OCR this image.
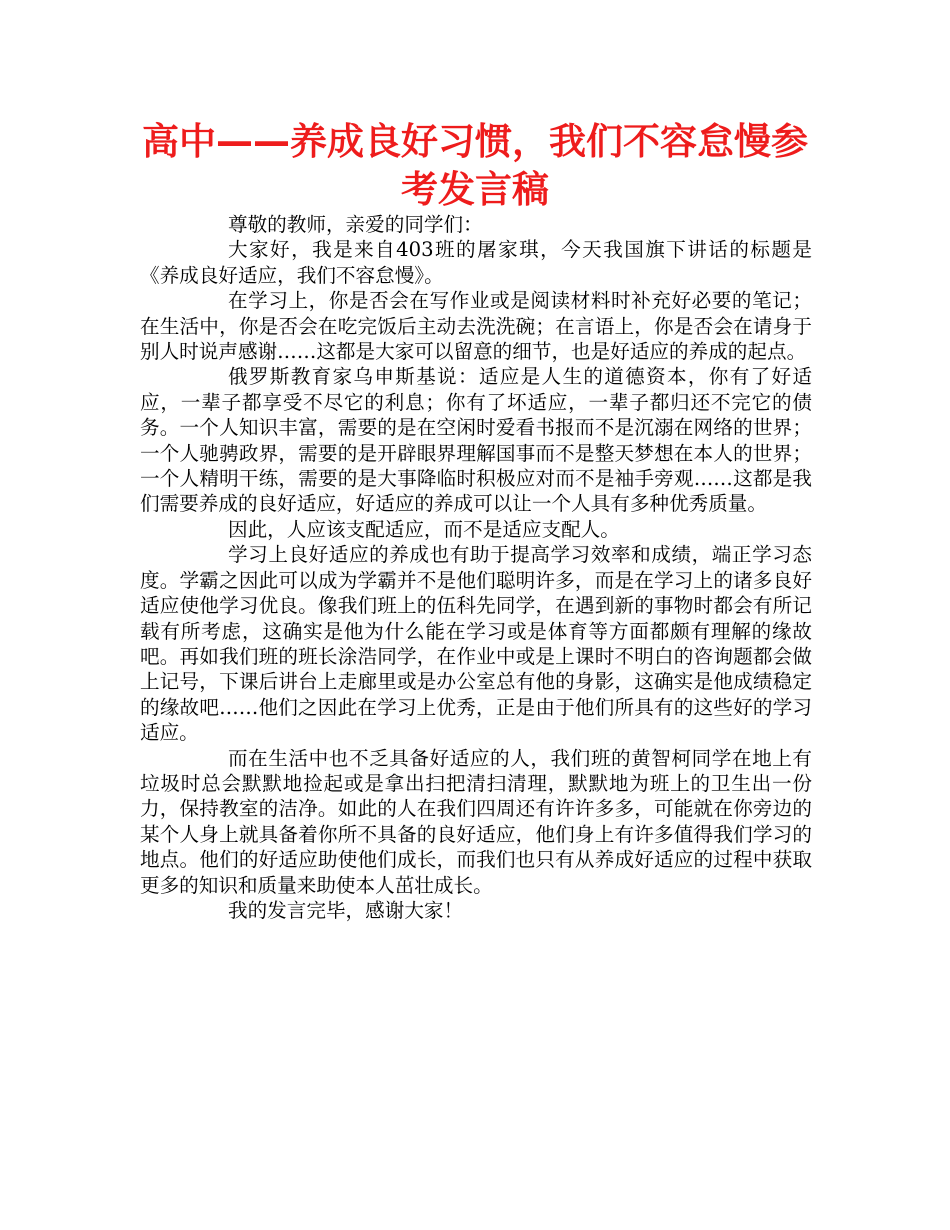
高中——养成良好习惯，我们不容怠慢参考发言稿

尊敬的教师，亲爱的同学们：

大家好，我是来自403班的屠家琪，今天我国旗下讲话的标题是《养成良好适应，我们不容怠慢》。

在学习上，你是否会在写作业或是阅读材料时补充好必要的笔记；在生活中，你是否会在吃完饭后主动去洗洗碗；在言语上，你是否会在请身于别人时说声感谢……这都是大家可以留意的细节，也是好适应的养成的起点。

俄罗斯教育家乌申斯基说：适应是人生的道德资本，你有了好适应，一辈子都享受不尽它的利息；你有了坏适应，一辈子都归还不完它的债务。一个人知识丰富，需要的是在空闲时爱看书报而不是沉溺在网络的世界；一个人驰骋政界，需要的是开辟眼界理解国事而不是整天梦想在本人的世界；一个人精明干练，需要的是大事降临时积极应对而不是袖手旁观……这都是我们需要养成的良好适应，好适应的养成可以让一个人具有多种优秀质量。

因此，人应该支配适应，而不是适应支配人。

学习上良好适应的养成也有助于提高学习效率和成绩，端正学习态度。学霸之因此可以成为学霸并不是他们聪明许多，而是在学习上的诸多良好适应使他学习优良。像我们班上的伍科先同学，在遇到新的事物时都会有所记载有所考虑，这确实是他为什么能在学习或是体育等方面都颇有理解的缘故吧。再如我们班的班长涂浩同学，在作业中或是上课时不明白的咨询题都会做上记号，下课后讲台上走廊里或是办公室总有他的身影，这确实是他成绩稳定的缘故吧……他们之因此在学习上优秀，正是由于他们所具有的这些好的学习适应。

而在生活中也不乏具备好适应的人，我们班的黄智柯同学在地上有垃圾时总会默默地捡起或是拿出扫把清扫清理，默默地为班上的卫生出一份力，保持教室的洁净。如此的人在我们四周还有许许多多，可能就在你旁边的某个人身上就具备着你所不具备的良好适应，他们身上有许多值得我们学习的地点。他们的好适应助使他们成长，而我们也只有从养成好适应的过程中获取更多的知识和质量来助使本人茁壮成长。

我的发言完毕，感谢大家！
